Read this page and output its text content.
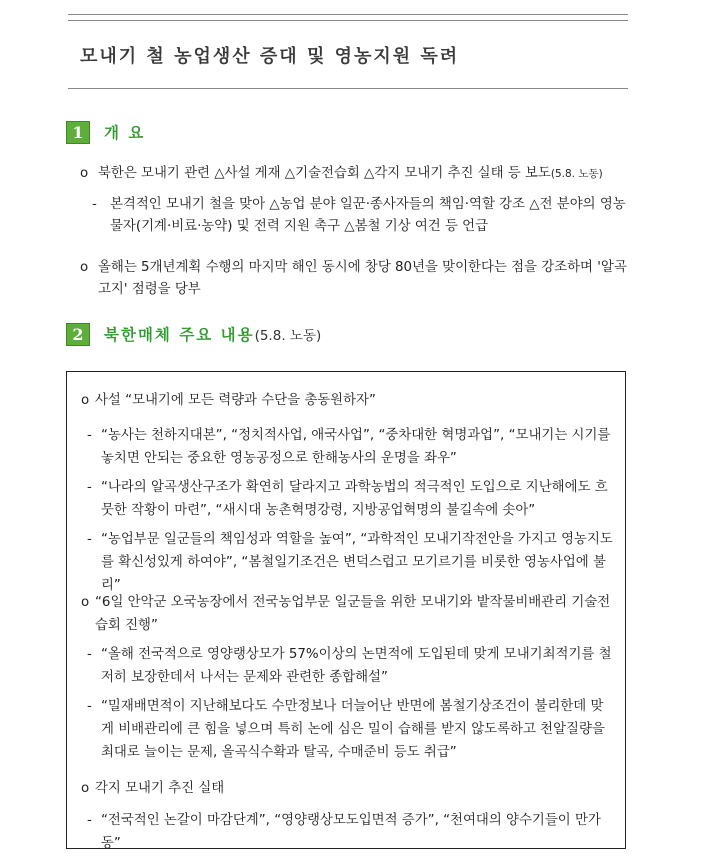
모내기 철 농업생산 증대 및 영농지원 독려
1	개 요
o 북한은 모내기 관련 △사설 게재 △기술전습회 △각지 모내기 추진 실태 등 보도(5.8. 노동)
- 본격적인 모내기 철을 맞아 △농업 분야 일꾼·종사자들의 책임·역할 강조 △전 분야의 영농물자(기계·비료·농약) 및 전력 지원 촉구 △봄철 기상 여건 등 언급
o 올해는 5개년계획 수행의 마지막 해인 동시에 창당 80년을 맞이한다는 점을 강조하며 '알곡고지' 점령을 당부
2	북한매체 주요 내용(5.8. 노동)
o 사설 “모내기에 모든 력량과 수단을 총동원하자”
- “농사는 천하지대본”, “정치적사업, 애국사업”, “중차대한 혁명과업”, “모내기는 시기를 놓치면 안되는 중요한 영농공정으로 한해농사의 운명을 좌우”
- “나라의 알곡생산구조가 확연히 달라지고 과학농법의 적극적인 도입으로 지난해에도 흐뭇한 작황이 마련”, “새시대 농촌혁명강령, 지방공업혁명의 불길속에 솟아”
- “농업부문 일군들의 책임성과 역할을 높여”, “과학적인 모내기작전안을 가지고 영농지도를 확신성있게 하여야”, “봄철일기조건은 변덕스럽고 모기르기를 비롯한 영농사업에 불리”
o “6일 안악군 오국농장에서 전국농업부문 일군들을 위한 모내기와 밭작물비배관리 기술전습회 진행”
- “올해 전국적으로 영양랭상모가 57%이상의 논면적에 도입된데 맞게 모내기최적기를 철저히 보장한데서 나서는 문제와 관련한 종합해설”
- “밀재배면적이 지난해보다도 수만정보나 더늘어난 반면에 봄철기상조건이 불리한데 맞게 비배관리에 큰 힘을 넣으며 특히 논에 심은 밀이 습해를 받지 않도록하고 천알질량을 최대로 늘이는 문제, 올곡식수확과 탈곡, 수매준비 등도 취급”
o 각지 모내기 추진 실태
- “전국적인 논갈이 마감단계”, “영양랭상모도입면적 증가”, “천여대의 양수기들이 만가동”
